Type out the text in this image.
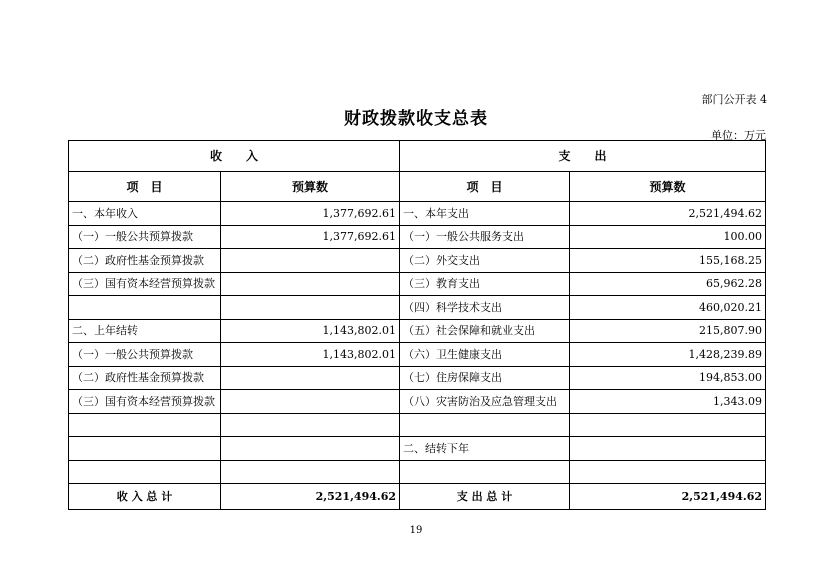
部门公开表 4
财政拨款收支总表
单位：万元
收　　入		支　　出	
项　目	预算数	项　目	预算数
一、本年收入	1,377,692.61	一、本年支出	2,521,494.62
（一）一般公共预算拨款	1,377,692.61	（一）一般公共服务支出	100.00
（二）政府性基金预算拨款		（二）外交支出	155,168.25
（三）国有资本经营预算拨款		（三）教育支出	65,962.28
		（四）科学技术支出	460,020.21
二、上年结转	1,143,802.01	（五）社会保障和就业支出	215,807.90
（一）一般公共预算拨款	1,143,802.01	（六）卫生健康支出	1,428,239.89
（二）政府性基金预算拨款		（七）住房保障支出	194,853.00
（三）国有资本经营预算拨款		（八）灾害防治及应急管理支出	1,343.09

		二、结转下年	

收 入 总 计	2,521,494.62	支 出 总 计	2,521,494.62
19
